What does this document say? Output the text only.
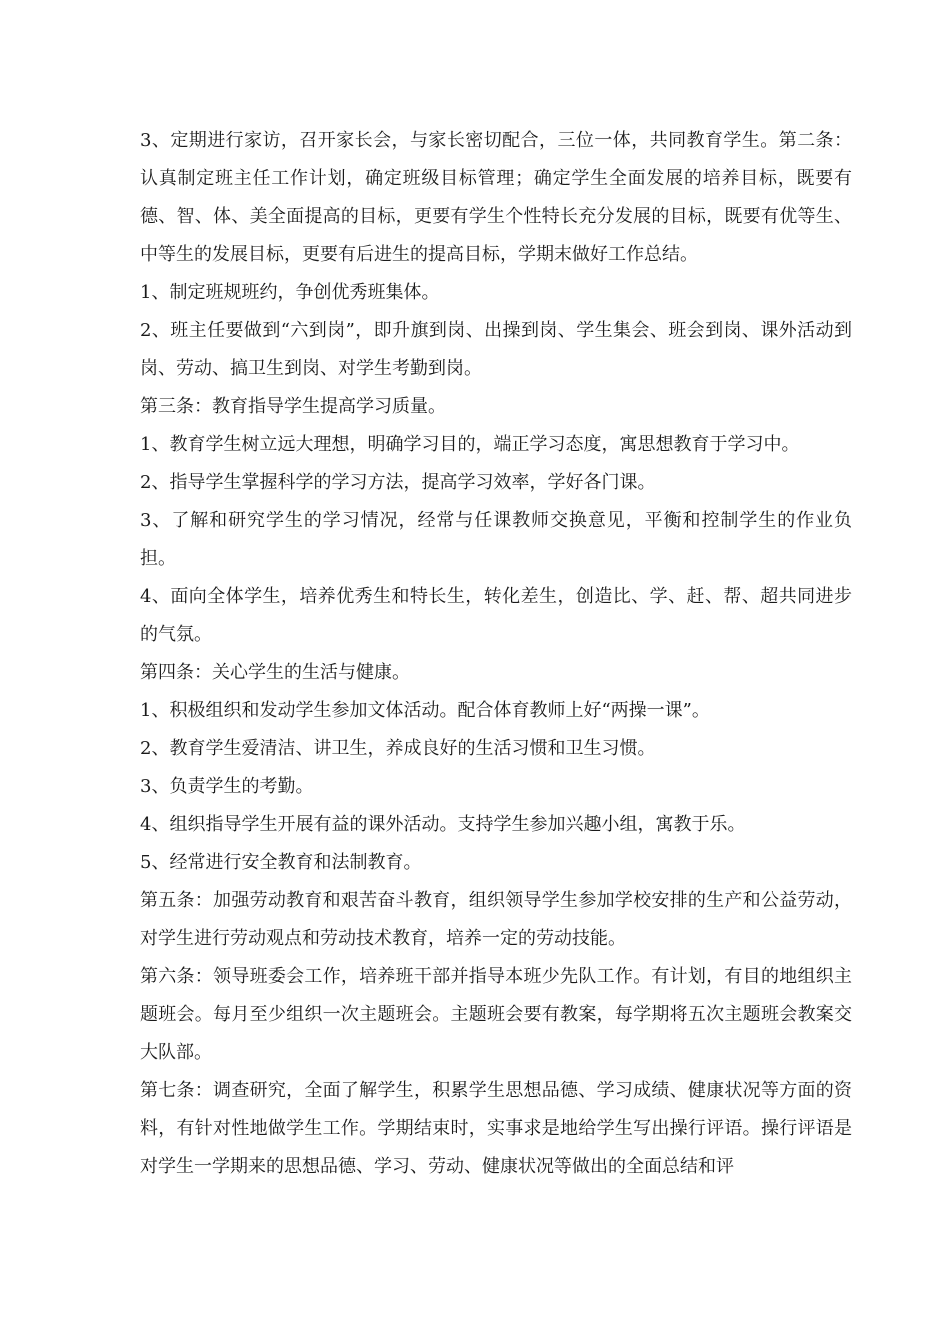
3、定期进行家访，召开家长会，与家长密切配合，三位一体，共同教育学生。第二条：认真制定班主任工作计划，确定班级目标管理；确定学生全面发展的培养目标，既要有德、智、体、美全面提高的目标，更要有学生个性特长充分发展的目标，既要有优等生、中等生的发展目标，更要有后进生的提高目标，学期末做好工作总结。

1、制定班规班约，争创优秀班集体。

2、班主任要做到“六到岗”，即升旗到岗、出操到岗、学生集会、班会到岗、课外活动到岗、劳动、搞卫生到岗、对学生考勤到岗。

第三条：教育指导学生提高学习质量。

1、教育学生树立远大理想，明确学习目的，端正学习态度，寓思想教育于学习中。

2、指导学生掌握科学的学习方法，提高学习效率，学好各门课。

3、了解和研究学生的学习情况，经常与任课教师交换意见，平衡和控制学生的作业负担。

4、面向全体学生，培养优秀生和特长生，转化差生，创造比、学、赶、帮、超共同进步的气氛。

第四条：关心学生的生活与健康。

1、积极组织和发动学生参加文体活动。配合体育教师上好“两操一课”。

2、教育学生爱清洁、讲卫生，养成良好的生活习惯和卫生习惯。

3、负责学生的考勤。

4、组织指导学生开展有益的课外活动。支持学生参加兴趣小组，寓教于乐。

5、经常进行安全教育和法制教育。

第五条：加强劳动教育和艰苦奋斗教育，组织领导学生参加学校安排的生产和公益劳动，对学生进行劳动观点和劳动技术教育，培养一定的劳动技能。

第六条：领导班委会工作，培养班干部并指导本班少先队工作。有计划，有目的地组织主题班会。每月至少组织一次主题班会。主题班会要有教案，每学期将五次主题班会教案交大队部。

第七条：调查研究，全面了解学生，积累学生思想品德、学习成绩、健康状况等方面的资料，有针对性地做学生工作。学期结束时，实事求是地给学生写出操行评语。操行评语是对学生一学期来的思想品德、学习、劳动、健康状况等做出的全面总结和评
